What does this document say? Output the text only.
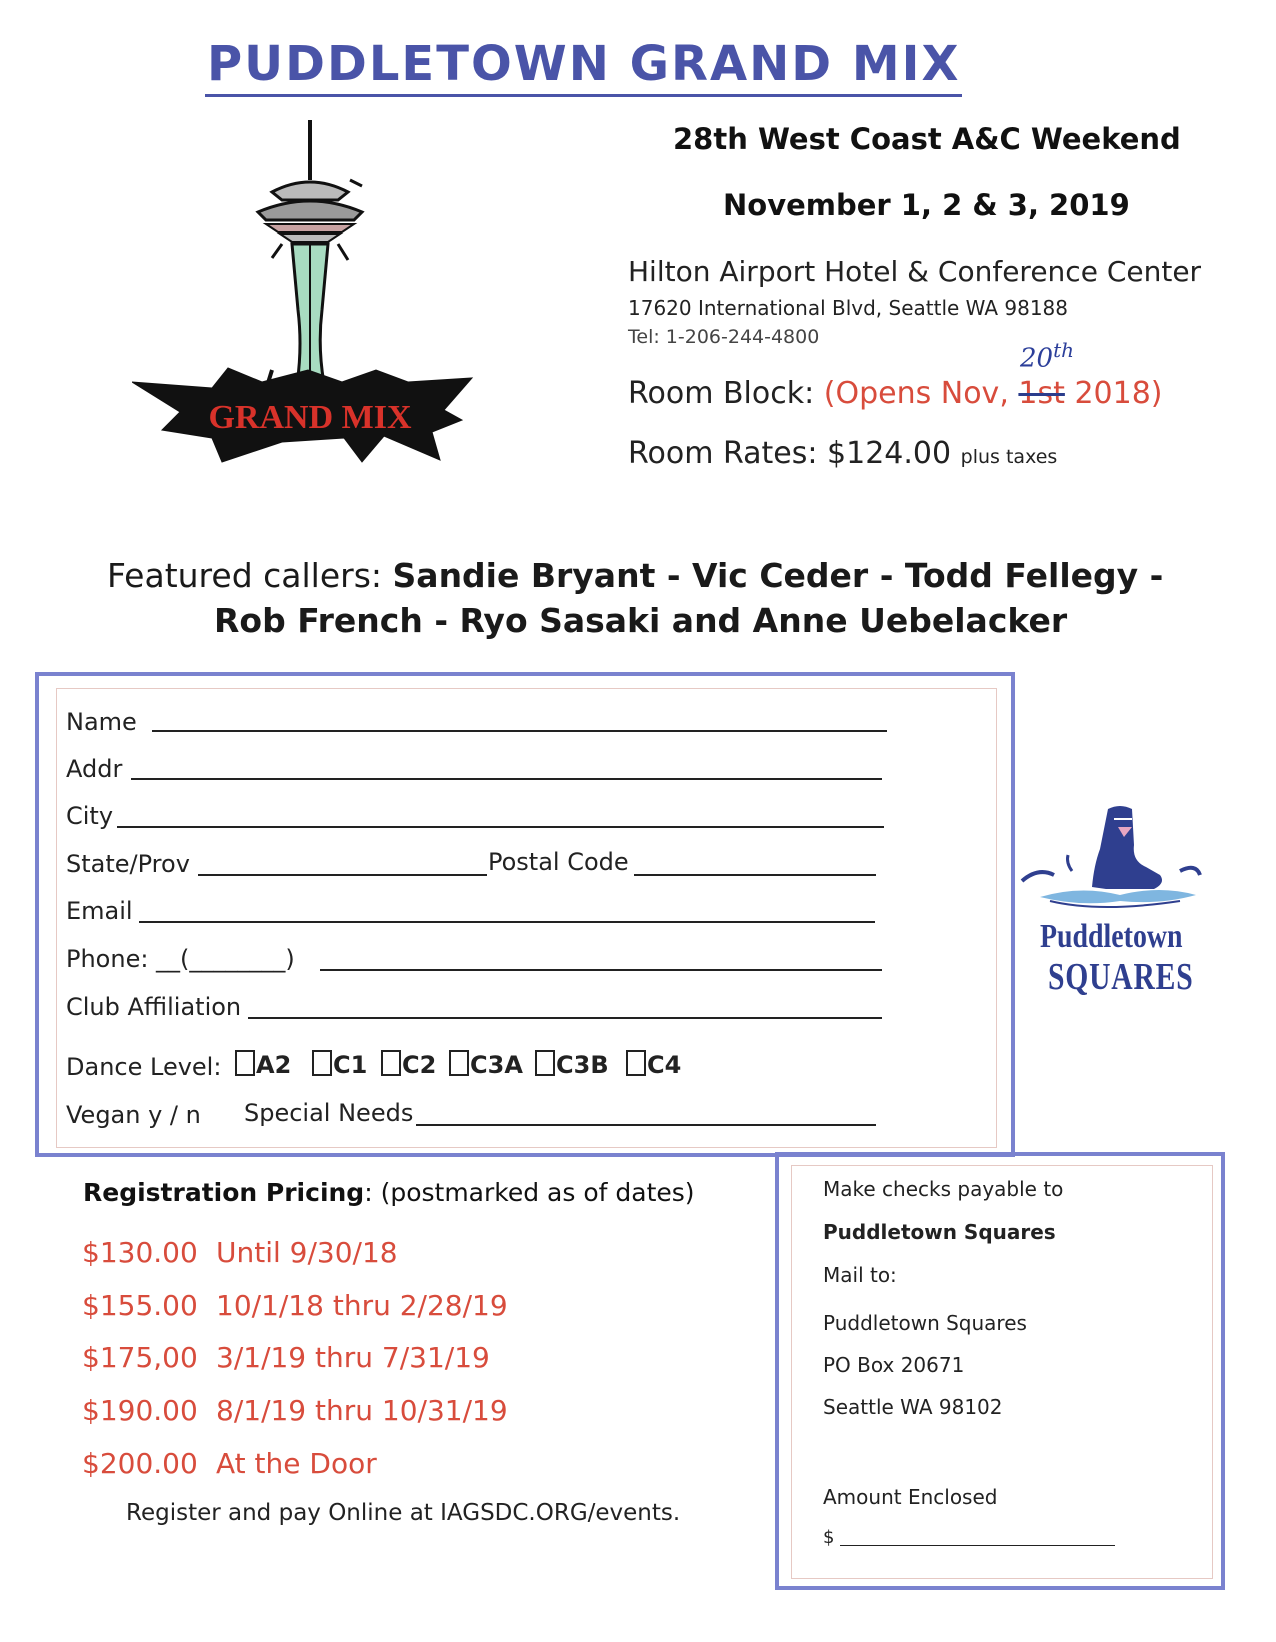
PUDDLETOWN GRAND MIX
GRAND MIX
28th West Coast A&C Weekend
November 1, 2 & 3, 2019
Hilton Airport Hotel & Conference Center
17620 International Blvd, Seattle WA 98188
Tel: 1-206-244-4800
20th
Room Block: (Opens Nov, 1st 2018)
Room Rates: $124.00 plus taxes
Featured callers: Sandie Bryant - Vic Ceder - Todd Fellegy -
Rob French - Ryo Sasaki and Anne Uebelacker
Name
Addr
City
State/Prov	Postal Code
Email
Phone: __(________)
Club Affiliation
Dance Level:	A2	C1	C2	C3A	C3B	C4
Vegan y / n Special Needs
Puddletown
SQUARES
Registration Pricing: (postmarked as of dates)
$130.00 Until 9/30/18
$155.00 10/1/18 thru 2/28/19
$175,00 3/1/19 thru 7/31/19
$190.00 8/1/19 thru 10/31/19
$200.00 At the Door
Register and pay Online at IAGSDC.ORG/events.
Make checks payable to
Puddletown Squares
Mail to:
Puddletown Squares
PO Box 20671
Seattle WA 98102
Amount Enclosed
$
